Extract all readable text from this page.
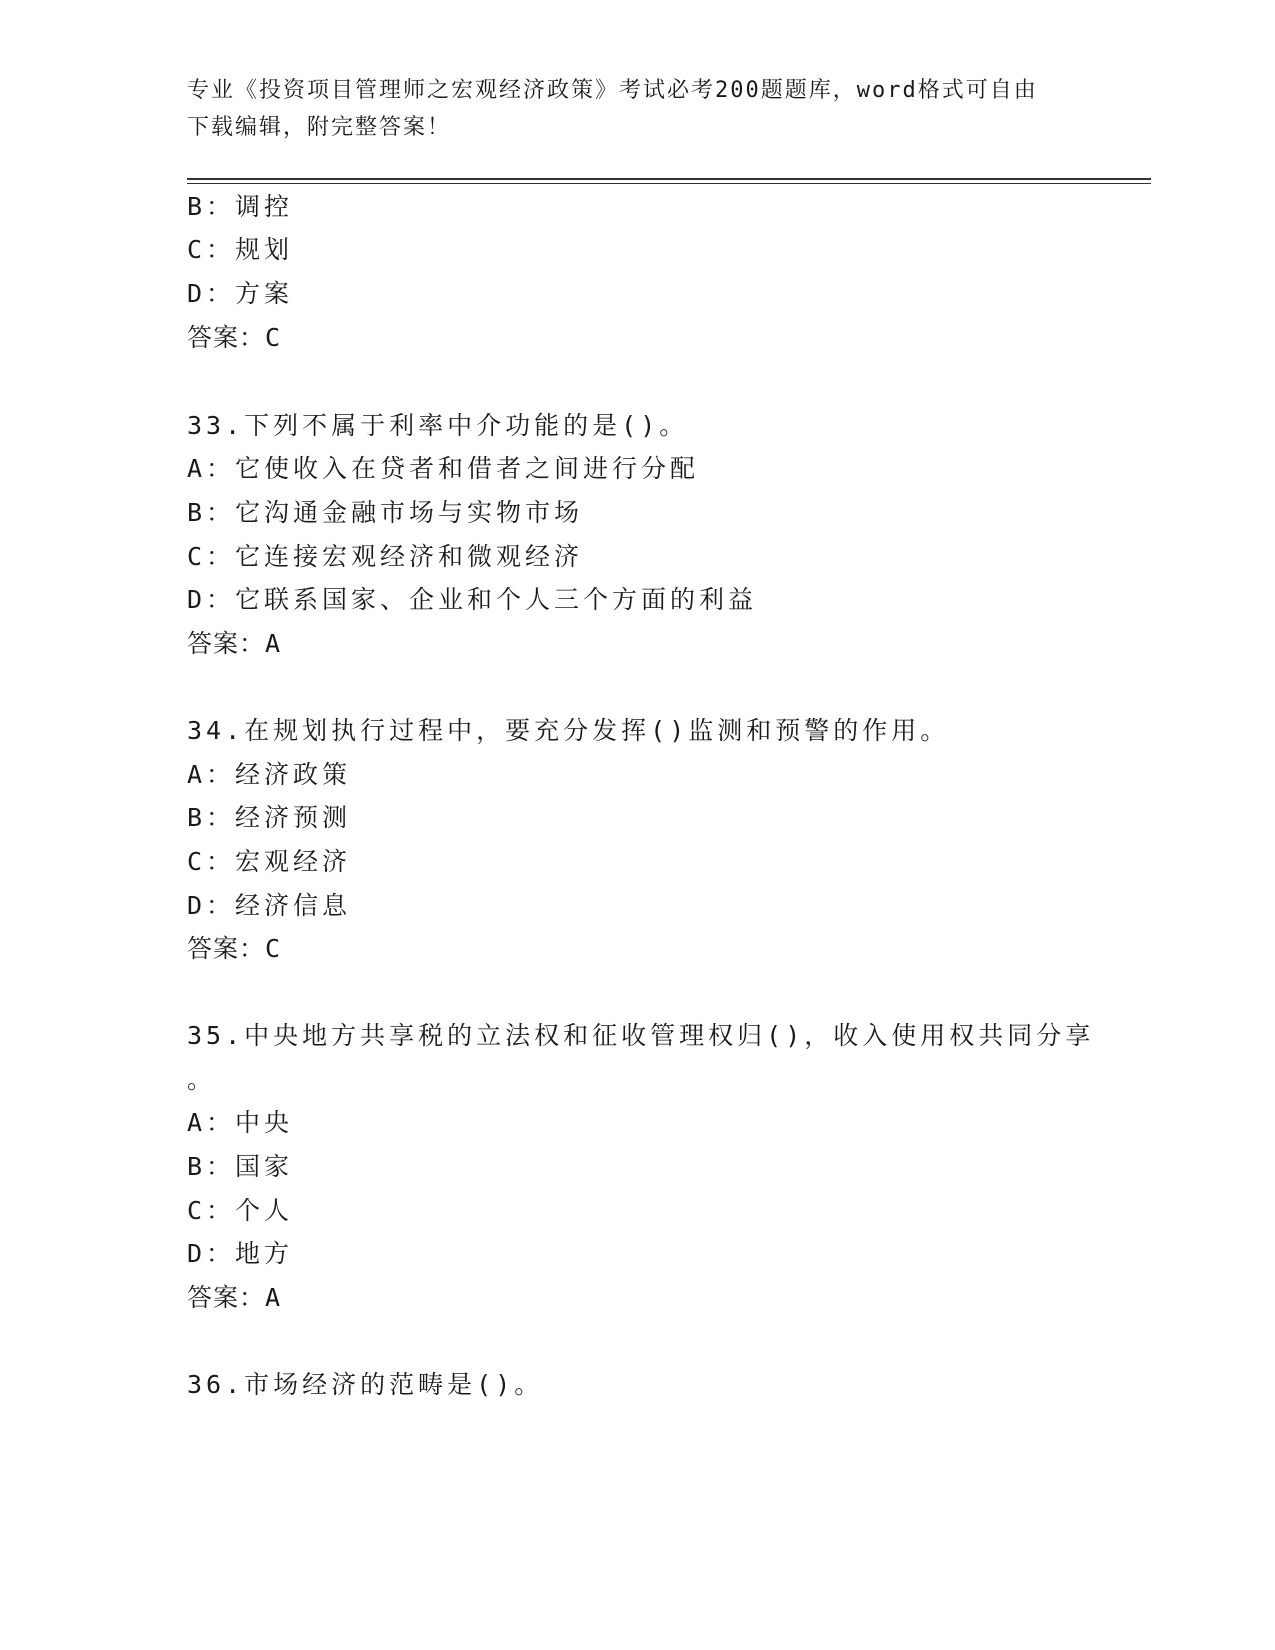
专业《投资项目管理师之宏观经济政策》考试必考200题题库，word格式可自由
下载编辑，附完整答案！
B：调控
C：规划
D：方案
答案：C
33.下列不属于利率中介功能的是()。
A：它使收入在贷者和借者之间进行分配
B：它沟通金融市场与实物市场
C：它连接宏观经济和微观经济
D：它联系国家、企业和个人三个方面的利益
答案：A
34.在规划执行过程中，要充分发挥()监测和预警的作用。
A：经济政策
B：经济预测
C：宏观经济
D：经济信息
答案：C
35.中央地方共享税的立法权和征收管理权归()，收入使用权共同分享
。
A：中央
B：国家
C：个人
D：地方
答案：A
36.市场经济的范畴是()。
